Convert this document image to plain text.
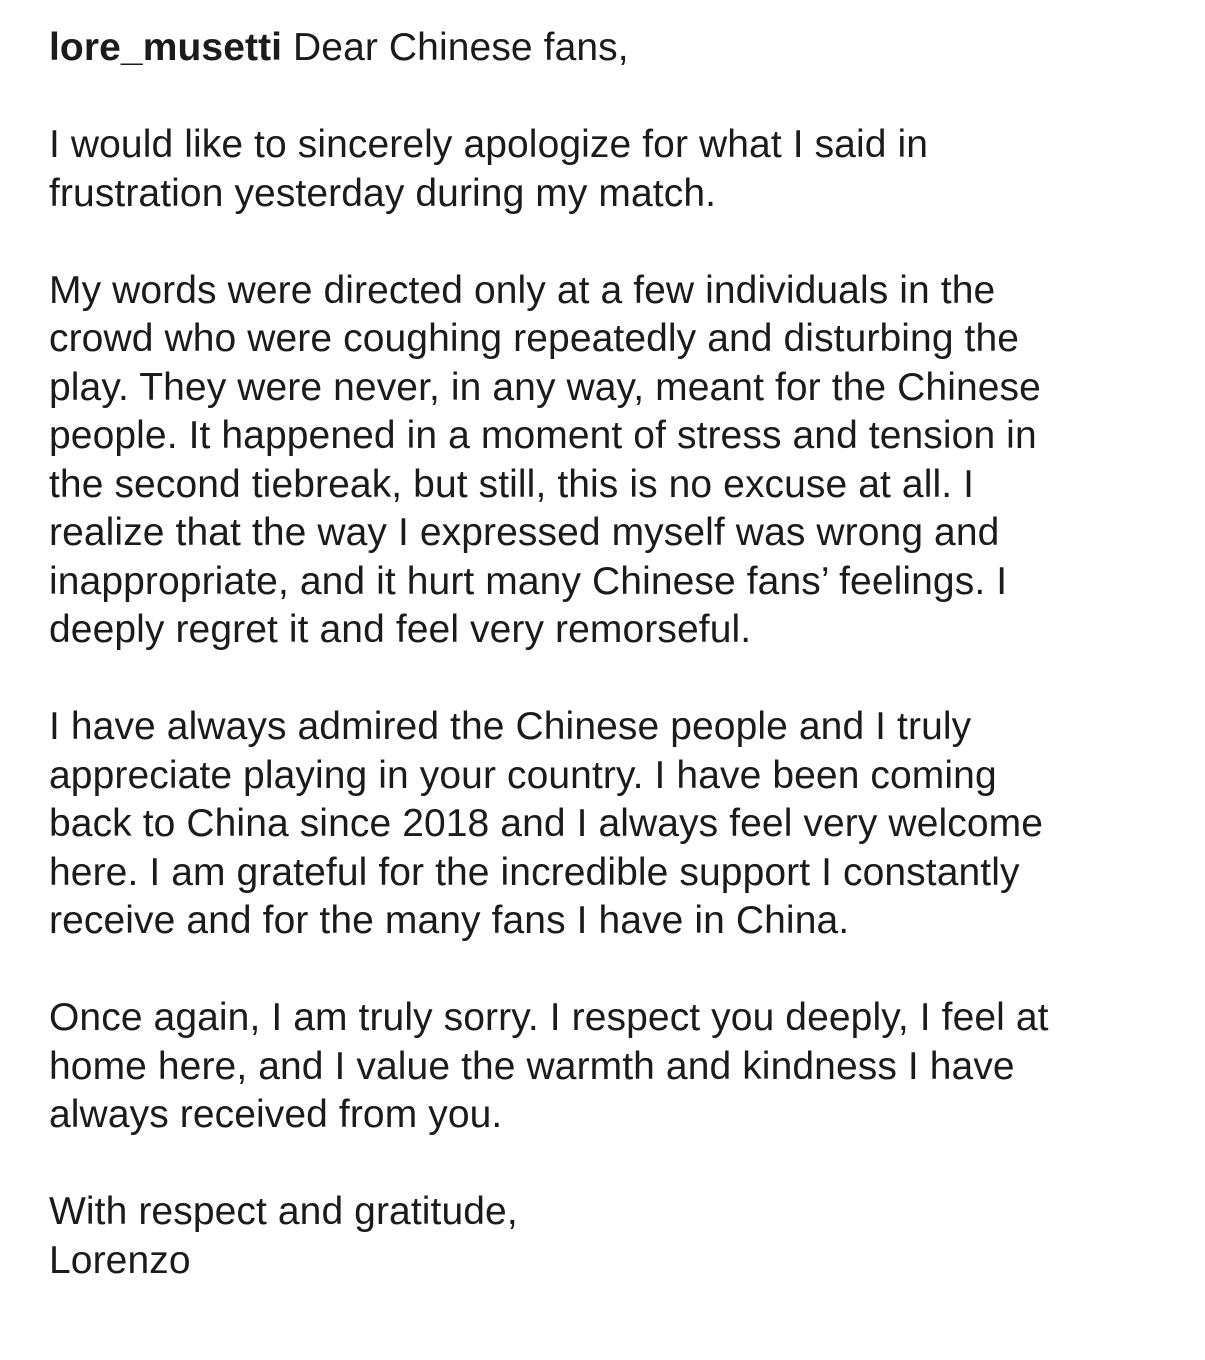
lore_musetti Dear Chinese fans,
I would like to sincerely apologize for what I said in
frustration yesterday during my match.
My words were directed only at a few individuals in the
crowd who were coughing repeatedly and disturbing the
play. They were never, in any way, meant for the Chinese
people. It happened in a moment of stress and tension in
the second tiebreak, but still, this is no excuse at all. I
realize that the way I expressed myself was wrong and
inappropriate, and it hurt many Chinese fans’ feelings. I
deeply regret it and feel very remorseful.
I have always admired the Chinese people and I truly
appreciate playing in your country. I have been coming
back to China since 2018 and I always feel very welcome
here. I am grateful for the incredible support I constantly
receive and for the many fans I have in China.
Once again, I am truly sorry. I respect you deeply, I feel at
home here, and I value the warmth and kindness I have
always received from you.
With respect and gratitude,
Lorenzo
